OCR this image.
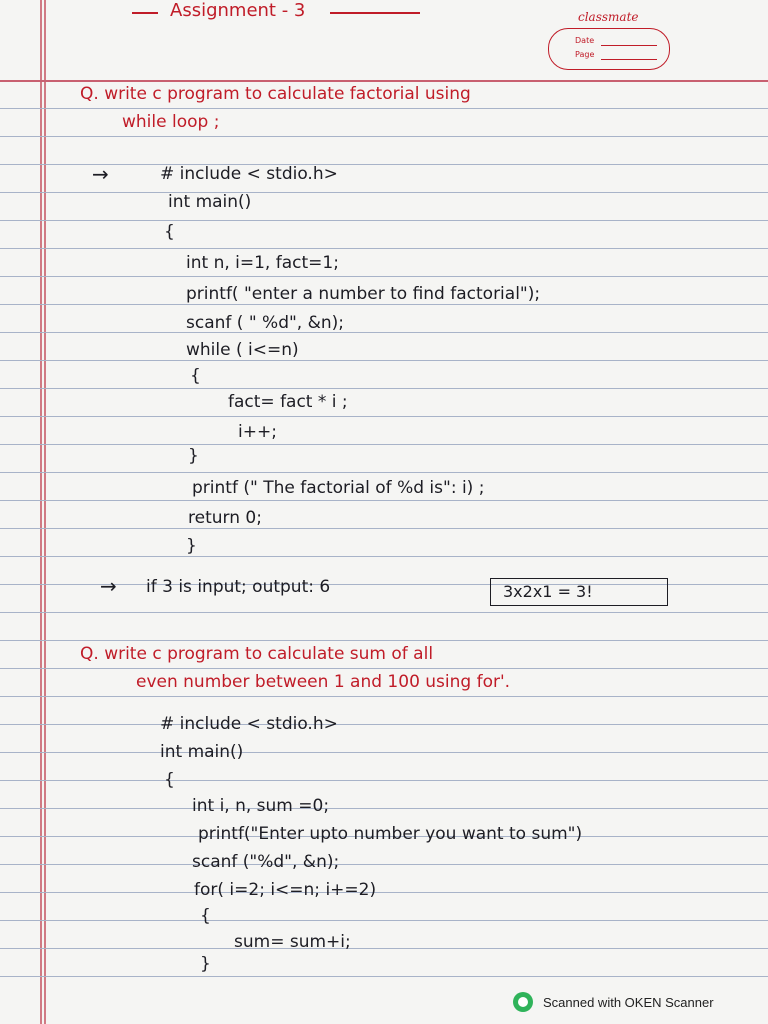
Assignment - 3	classmate
Date
Page
Q. write c program to calculate factorial using
while loop ;
→	# include < stdio.h>
int main()
{
int n, i=1, fact=1;
printf( "enter a number to find factorial");
scanf ( " %d", &n);
while ( i<=n)
{
fact= fact * i ;
i++;
}
printf (" The factorial of %d is": i) ;
return 0;
}
→ if 3 is input; output: 6	3x2x1 = 3!
Q. write c program to calculate sum of all
even number between 1 and 100 using for'.
# include < stdio.h>
int main()
{
int i, n, sum =0;
printf("Enter upto number you want to sum")
scanf ("%d", &n);
for( i=2; i<=n; i+=2)
{
sum= sum+i;
}
Scanned with OKEN Scanner
